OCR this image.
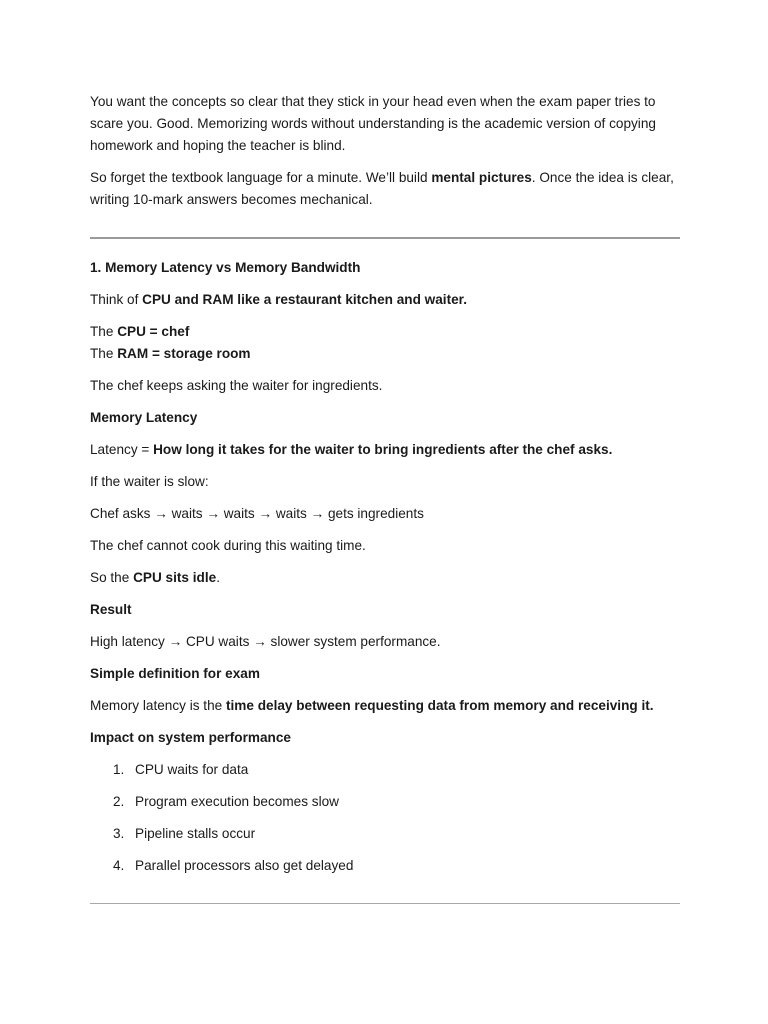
You want the concepts so clear that they stick in your head even when the exam paper tries to scare you. Good. Memorizing words without understanding is the academic version of copying homework and hoping the teacher is blind.

So forget the textbook language for a minute. We’ll build mental pictures. Once the idea is clear, writing 10-mark answers becomes mechanical.

1. Memory Latency vs Memory Bandwidth

Think of CPU and RAM like a restaurant kitchen and waiter.

The CPU = chef

The RAM = storage room

The chef keeps asking the waiter for ingredients.

Memory Latency

Latency = How long it takes for the waiter to bring ingredients after the chef asks.

If the waiter is slow:

Chef asks → waits → waits → waits → gets ingredients

The chef cannot cook during this waiting time.

So the CPU sits idle.

Result

High latency → CPU waits → slower system performance.

Simple definition for exam

Memory latency is the time delay between requesting data from memory and receiving it.

Impact on system performance

1. CPU waits for data
2. Program execution becomes slow
3. Pipeline stalls occur
4. Parallel processors also get delayed
